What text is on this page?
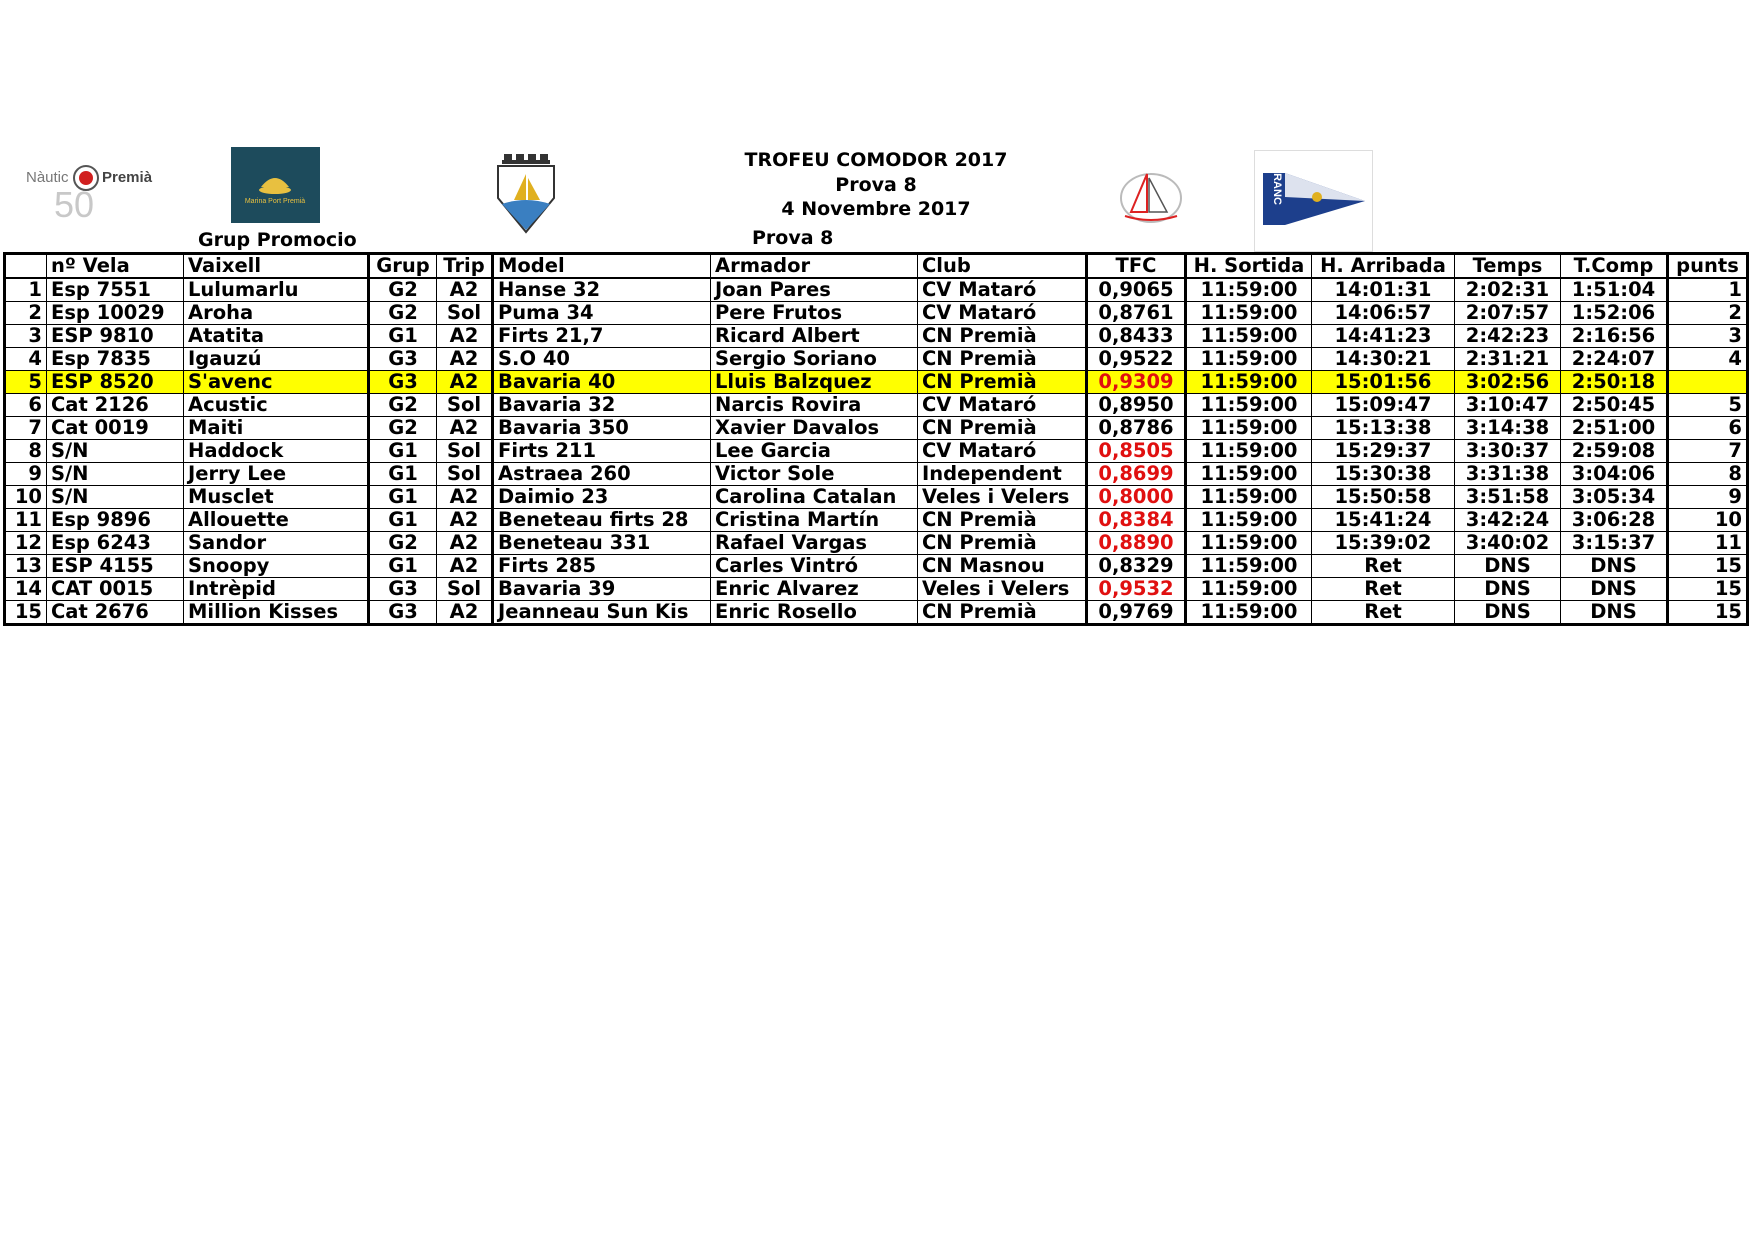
Nàutic Premià
50	Marina Port Premià	RANC
TROFEU COMODOR 2017
Prova 8
4 Novembre 2017
Grup Promocio	Prova 8
	nº Vela	Vaixell	Grup	Trip	Model	Armador	Club	TFC	H. Sortida	H. Arribada	Temps	T.Comp	punts
1	Esp 7551	Lulumarlu	G2	A2	Hanse 32	Joan Pares	CV Mataró	0,9065	11:59:00	14:01:31	2:02:31	1:51:04	1
2	Esp 10029	Aroha	G2	Sol	Puma 34	Pere Frutos	CV Mataró	0,8761	11:59:00	14:06:57	2:07:57	1:52:06	2
3	ESP 9810	Atatita	G1	A2	Firts 21,7	Ricard Albert	CN Premià	0,8433	11:59:00	14:41:23	2:42:23	2:16:56	3
4	Esp 7835	Igauzú	G3	A2	S.O 40	Sergio Soriano	CN Premià	0,9522	11:59:00	14:30:21	2:31:21	2:24:07	4
5	ESP 8520	S'avenc	G3	A2	Bavaria 40	Lluis Balzquez	CN Premià	0,9309	11:59:00	15:01:56	3:02:56	2:50:18	
6	Cat 2126	Acustic	G2	Sol	Bavaria 32	Narcis Rovira	CV Mataró	0,8950	11:59:00	15:09:47	3:10:47	2:50:45	5
7	Cat 0019	Maiti	G2	A2	Bavaria 350	Xavier Davalos	CN Premià	0,8786	11:59:00	15:13:38	3:14:38	2:51:00	6
8	S/N	Haddock	G1	Sol	Firts 211	Lee Garcia	CV Mataró	0,8505	11:59:00	15:29:37	3:30:37	2:59:08	7
9	S/N	Jerry Lee	G1	Sol	Astraea 260	Victor Sole	Independent	0,8699	11:59:00	15:30:38	3:31:38	3:04:06	8
10	S/N	Musclet	G1	A2	Daimio 23	Carolina Catalan	Veles i Velers	0,8000	11:59:00	15:50:58	3:51:58	3:05:34	9
11	Esp 9896	Allouette	G1	A2	Beneteau firts 28	Cristina Martín	CN Premià	0,8384	11:59:00	15:41:24	3:42:24	3:06:28	10
12	Esp 6243	Sandor	G2	A2	Beneteau 331	Rafael Vargas	CN Premià	0,8890	11:59:00	15:39:02	3:40:02	3:15:37	11
13	ESP 4155	Snoopy	G1	A2	Firts 285	Carles Vintró	CN Masnou	0,8329	11:59:00	Ret	DNS	DNS	15
14	CAT 0015	Intrèpid	G3	Sol	Bavaria 39	Enric Alvarez	Veles i Velers	0,9532	11:59:00	Ret	DNS	DNS	15
15	Cat 2676	Million Kisses	G3	A2	Jeanneau Sun Kis	Enric Rosello	CN Premià	0,9769	11:59:00	Ret	DNS	DNS	15
